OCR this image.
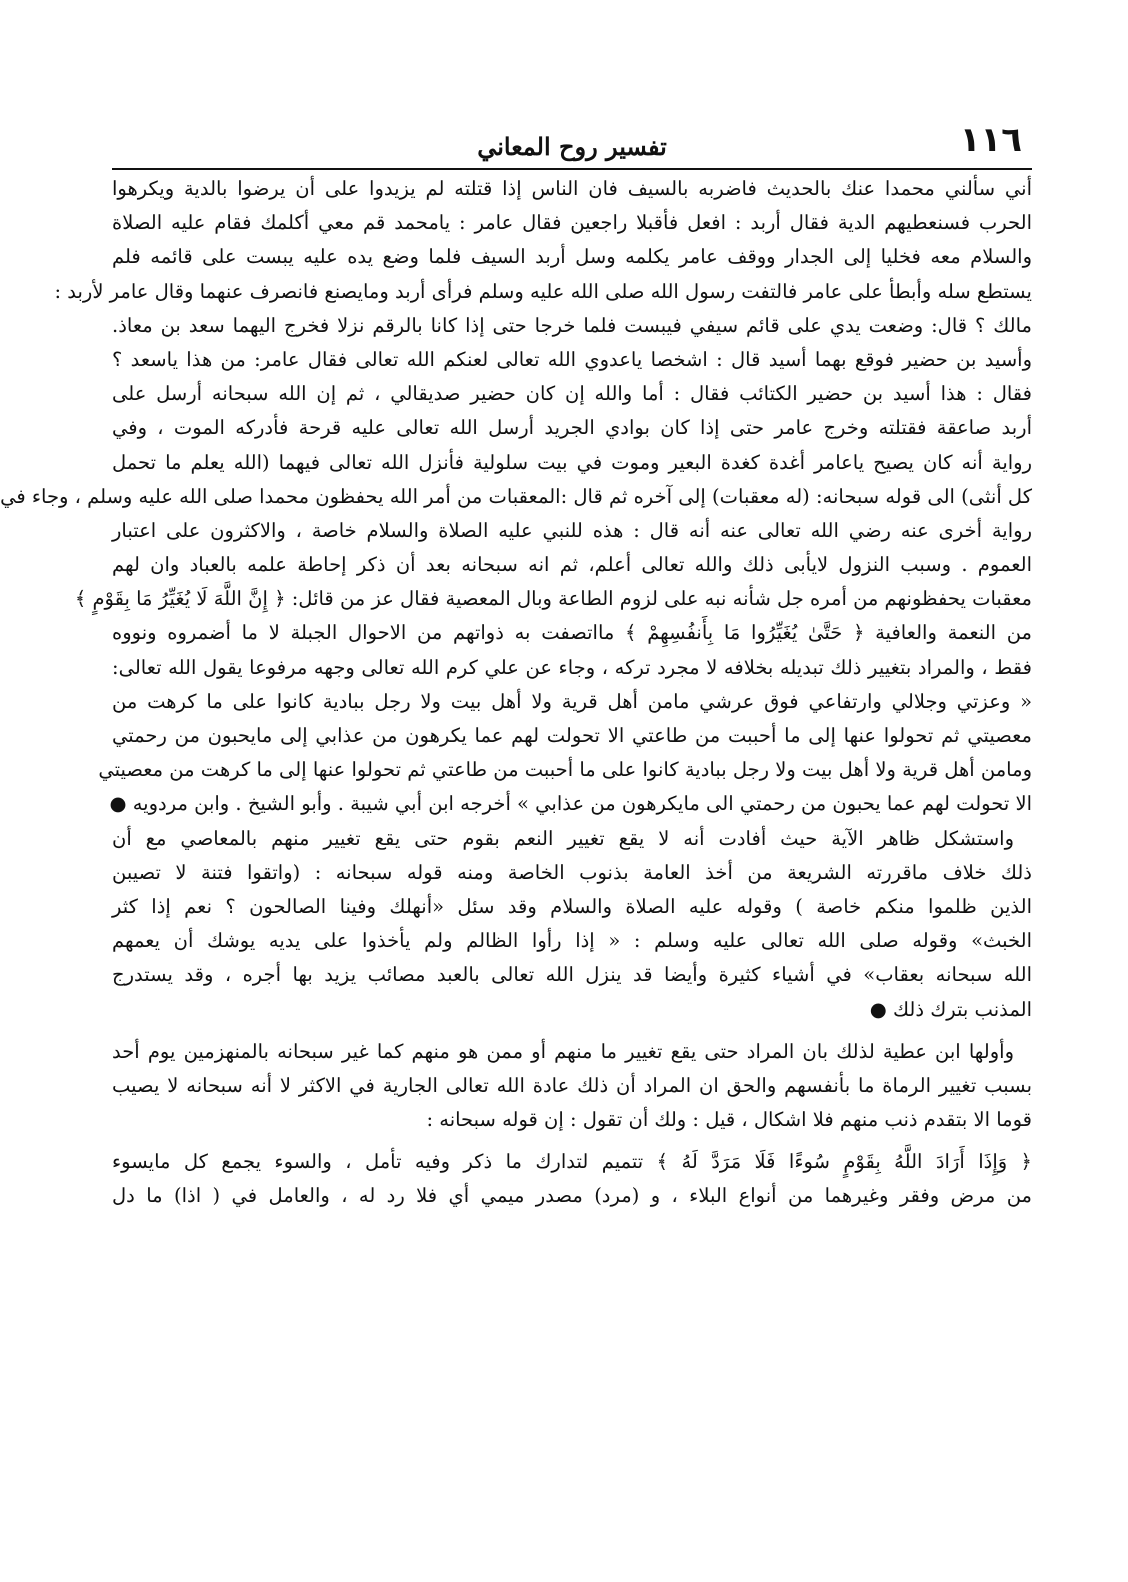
١١٦
تفسير روح المعاني
أني سألني محمدا عنك بالحديث فاضربه بالسيف فان الناس إذا قتلته لم يزيدوا على أن يرضوا بالدية ويكرهوا
الحرب فسنعطيهم الدية فقال أربد : افعل فأقبلا راجعين فقال عامر : يامحمد قم معي أكلمك فقام عليه الصلاة
والسلام معه فخليا إلى الجدار ووقف عامر يكلمه وسل أربد السيف فلما وضع يده عليه يبست على قائمه فلم
يستطع سله وأبطأ على عامر فالتفت رسول الله صلى الله عليه وسلم فرأى أربد ومايصنع فانصرف عنهما وقال عامر لأربد :
مالك ؟ قال: وضعت يدي على قائم سيفي فيبست فلما خرجا حتى إذا كانا بالرقم نزلا فخرج اليهما سعد بن معاذ.
وأسيد بن حضير فوقع بهما أسيد قال : اشخصا ياعدوي الله تعالى لعنكم الله تعالى فقال عامر: من هذا ياسعد ؟
فقال : هذا أسيد بن حضير الكتائب فقال : أما والله إن كان حضير صديقالي ، ثم إن الله سبحانه أرسل على
أربد صاعقة فقتلته وخرج عامر حتى إذا كان بوادي الجريد أرسل الله تعالى عليه قرحة فأدركه الموت ، وفي
رواية أنه كان يصيح ياعامر أغدة كغدة البعير وموت في بيت سلولية فأنزل الله تعالى فيهما (الله يعلم ما تحمل
كل أنثى) الى قوله سبحانه: (له معقبات) إلى آخره ثم قال :المعقبات من أمر الله يحفظون محمدا صلى الله عليه وسلم ، وجاء في
رواية أخرى عنه رضي الله تعالى عنه أنه قال : هذه للنبي عليه الصلاة والسلام خاصة ، والاكثرون على اعتبار
العموم . وسبب النزول لايأبى ذلك والله تعالى أعلم، ثم انه سبحانه بعد أن ذكر إحاطة علمه بالعباد وان لهم
معقبات يحفظونهم من أمره جل شأنه نبه على لزوم الطاعة وبال المعصية فقال عز من قائل: ﴿ إِنَّ اللَّهَ لَا يُغَيِّرُ مَا بِقَوْمٍ ﴾
من النعمة والعافية ﴿ حَتَّىٰ يُغَيِّرُوا مَا بِأَنفُسِهِمْ ﴾ مااتصفت به ذواتهم من الاحوال الجبلة لا ما أضمروه ونووه
فقط ، والمراد بتغيير ذلك تبديله بخلافه لا مجرد تركه ، وجاء عن علي كرم الله تعالى وجهه مرفوعا يقول الله تعالى:
« وعزتي وجلالي وارتفاعي فوق عرشي مامن أهل قرية ولا أهل بيت ولا رجل ببادية كانوا على ما كرهت من
معصيتي ثم تحولوا عنها إلى ما أحببت من طاعتي الا تحولت لهم عما يكرهون من عذابي إلى مايحبون من رحمتي
ومامن أهل قرية ولا أهل بيت ولا رجل ببادية كانوا على ما أحببت من طاعتي ثم تحولوا عنها إلى ما كرهت من معصيتي
الا تحولت لهم عما يحبون من رحمتي الى مايكرهون من عذابي » أخرجه ابن أبي شيبة . وأبو الشيخ . وابن مردويه ●
واستشكل ظاهر الآية حيث أفادت أنه لا يقع تغيير النعم بقوم حتى يقع تغيير منهم بالمعاصي مع أن
ذلك خلاف ماقررته الشريعة من أخذ العامة بذنوب الخاصة ومنه قوله سبحانه : (واتقوا فتنة لا تصيبن
الذين ظلموا منكم خاصة ) وقوله عليه الصلاة والسلام وقد سئل «أنهلك وفينا الصالحون ؟ نعم إذا كثر
الخبث» وقوله صلى الله تعالى عليه وسلم : « إذا رأوا الظالم ولم يأخذوا على يديه يوشك أن يعمهم
الله سبحانه بعقاب» في أشياء كثيرة وأيضا قد ينزل الله تعالى بالعبد مصائب يزيد بها أجره ، وقد يستدرج
المذنب بترك ذلك ●
وأولها ابن عطية لذلك بان المراد حتى يقع تغيير ما منهم أو ممن هو منهم كما غير سبحانه بالمنهزمين يوم أحد
بسبب تغيير الرماة ما بأنفسهم والحق ان المراد أن ذلك عادة الله تعالى الجارية في الاكثر لا أنه سبحانه لا يصيب
قوما الا بتقدم ذنب منهم فلا اشكال ، قيل : ولك أن تقول : إن قوله سبحانه :
﴿ وَإِذَا أَرَادَ اللَّهُ بِقَوْمٍ سُوءًا فَلَا مَرَدَّ لَهُ ﴾ تتميم لتدارك ما ذكر وفيه تأمل ، والسوء يجمع كل مايسوء
من مرض وفقر وغيرهما من أنواع البلاء ، و (مرد) مصدر ميمي أي فلا رد له ، والعامل في ( اذا) ما دل
